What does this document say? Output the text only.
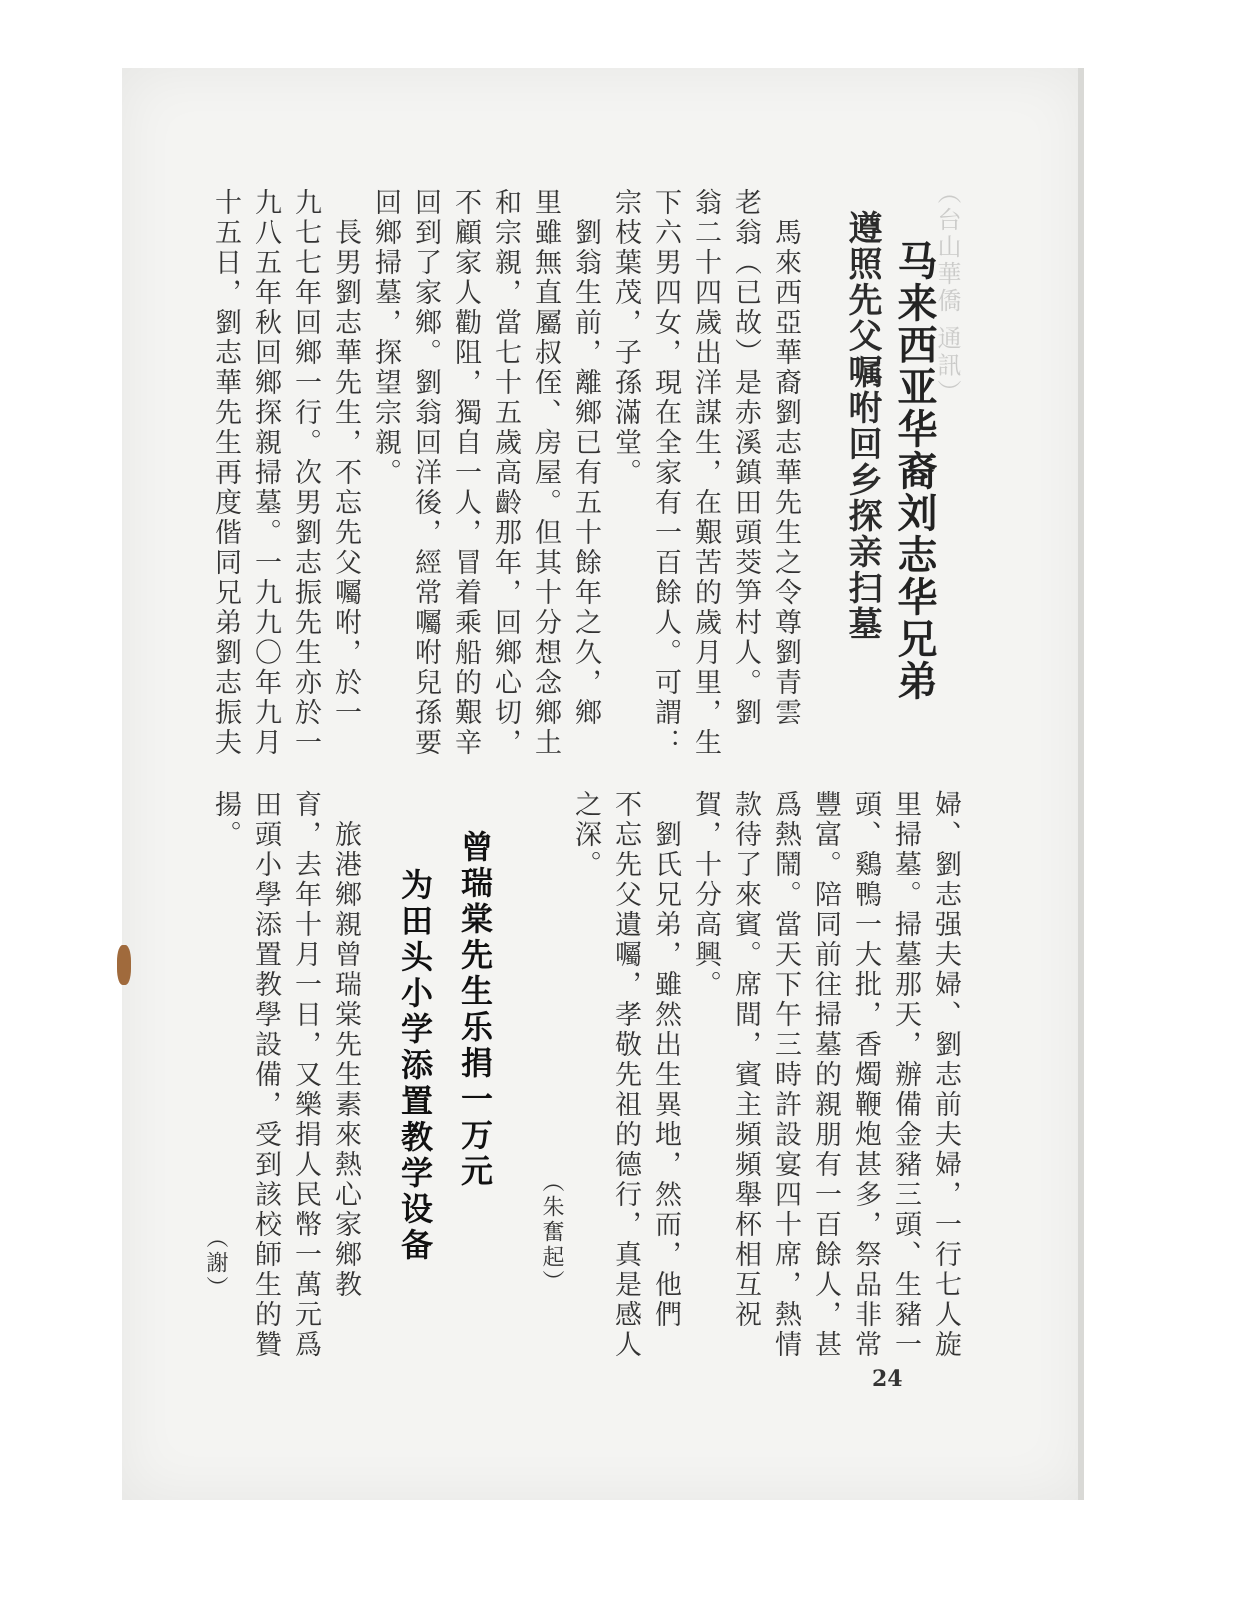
（台山華僑 通訊）
马来西亚华裔刘志华兄弟
遵照先父嘱咐回乡探亲扫墓
　馬來西亞華裔劉志華先生之令尊劉青雲
老翁（已故）是赤溪鎮田頭茭笋村人。劉
翁二十四歲出洋謀生，在艱苦的歲月里，生
下六男四女，現在全家有一百餘人。可謂：
宗枝葉茂，子孫滿堂。
　劉翁生前，離鄉已有五十餘年之久，鄉
里雖無直屬叔侄、房屋。但其十分想念鄉土
和宗親，當七十五歲高齡那年，回鄉心切，
不顧家人勸阻，獨自一人，冒着乘船的艱辛
回到了家鄉。劉翁回洋後，經常囑咐兒孫要
回鄉掃墓，探望宗親。
　長男劉志華先生，不忘先父囑咐，於一
九七七年回鄉一行。次男劉志振先生亦於一
九八五年秋回鄉探親掃墓。一九九〇年九月
十五日，劉志華先生再度偕同兄弟劉志振夫
婦、劉志强夫婦、劉志前夫婦，一行七人旋
里掃墓。掃墓那天，辦備金豬三頭、生豬一
頭、鷄鴨一大批，香燭鞭炮甚多，祭品非常
豐富。陪同前往掃墓的親朋有一百餘人，甚
爲熱鬧。當天下午三時許設宴四十席，熱情
款待了來賓。席間，賓主頻頻舉杯相互祝
賀，十分高興。
　劉氏兄弟，雖然出生異地，然而，他們
不忘先父遺囑，孝敬先祖的德行，真是感人
之深。
（朱奮起）
曾瑞棠先生乐捐一万元
为田头小学添置教学设备
　旅港鄉親曾瑞棠先生素來熱心家鄉教
育，去年十月一日，又樂捐人民幣一萬元爲
田頭小學添置教學設備，受到該校師生的贊
揚。
（謝）
24
